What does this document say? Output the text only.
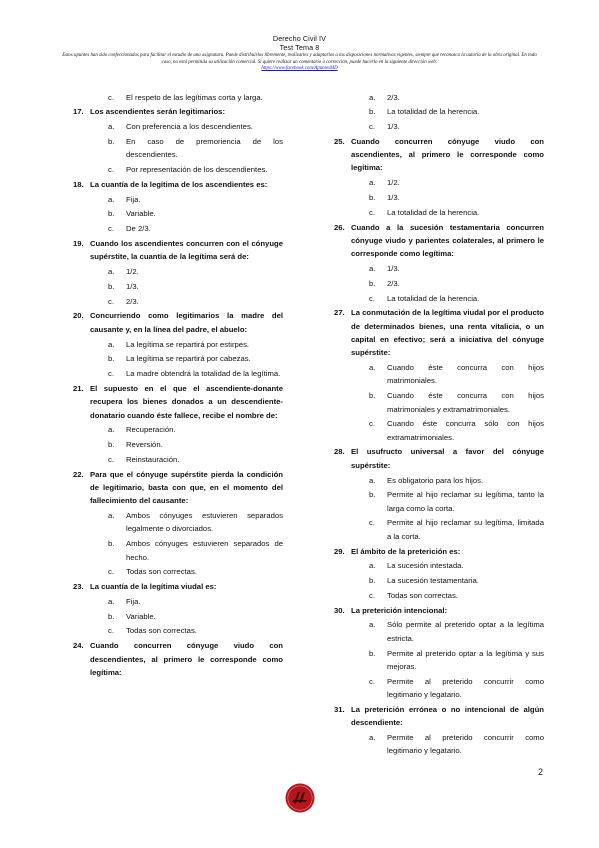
Derecho Civil IV
Test Tema 8
Estos apuntes han sido confeccionados para facilitar el estudio de una asignatura. Puede distribuirlos libremente, realizarles y adaptarlos a las disposiciones normativas vigentes, siempre que reconozca la autoría de la obra original. En todo caso, no está permitida su utilización comercial. Si quiere realizar un comentario o corrección, puede hacerlo en la siguiente dirección web:
https://www.facebook.com/ApuntesMD
c.	El respeto de las legítimas corta y larga.
17. Los ascendientes serán legitimarios:
a.	Con preferencia a los descendientes.
b.	En caso de premoriencia de los descendientes.
c.	Por representación de los descendientes.
18. La cuantía de la legítima de los ascendientes es:
a.	Fija.
b.	Variable.
c.	De 2/3.
19. Cuando los ascendientes concurren con el cónyuge supérstite, la cuantía de la legítima será de:
a.	1/2.
b.	1/3.
c.	2/3.
20. Concurriendo como legitimarios la madre del causante y, en la línea del padre, el abuelo:
a.	La legítima se repartirá por estirpes.
b.	La legítima se repartirá por cabezas.
c.	La madre obtendrá la totalidad de la legítima.
21. El supuesto en el que el ascendiente-donante recupera los bienes donados a un descendiente-donatario cuando éste fallece, recibe el nombre de:
a.	Recuperación.
b.	Reversión.
c.	Reinstauración.
22. Para que el cónyuge supérstite pierda la condición de legitimario, basta con que, en el momento del fallecimiento del causante:
a.	Ambos cónyuges estuvieren separados legalmente o divorciados.
b.	Ambos cónyuges estuvieren separados de hecho.
c.	Todas son correctas.
23. La cuantía de la legítima viudal es:
a.	Fija.
b.	Variable.
c.	Todas son correctas.
24. Cuando concurren cónyuge viudo con descendientes, al primero le corresponde como legítima:
a.	2/3.
b.	La totalidad de la herencia.
c.	1/3.
25. Cuando concurren cónyuge viudo con ascendientes, al primero le corresponde como legítima:
a.	1/2.
b.	1/3.
c.	La totalidad de la herencia.
26. Cuando a la sucesión testamentaria concurren cónyuge viudo y parientes colaterales, al primero le corresponde como legítima:
a.	1/3.
b.	2/3.
c.	La totalidad de la herencia.
27. La conmutación de la legítima viudal por el producto de determinados bienes, una renta vitalicia, o un capital en efectivo; será a iniciativa del cónyuge supérstite:
a.	Cuando éste concurra con hijos matrimoniales.
b.	Cuando éste concurra con hijos matrimoniales y extramatrimoniales.
c.	Cuando éste concurra sólo con hijos extramatrimoniales.
28. El usufructo universal a favor del cónyuge supérstite:
a.	Es obligatorio para los hijos.
b.	Permite al hijo reclamar su legítima, tanto la larga como la corta.
c.	Permite al hijo reclamar su legítima, limitada a la corta.
29. El ámbito de la preterición es:
a.	La sucesión intestada.
b.	La sucesión testamentaria.
c.	Todas son correctas.
30. La preterición intencional:
a.	Sólo permite al preterido optar a la legítima estricta.
b.	Permite al preterido optar a la legítima y sus mejoras.
c.	Permite al preterido concurrir como legitimario y legatario.
31. La preterición errónea o no intencional de algún descendiente:
a.	Permite al preterido concurrir como legitimario y legatario.
2
